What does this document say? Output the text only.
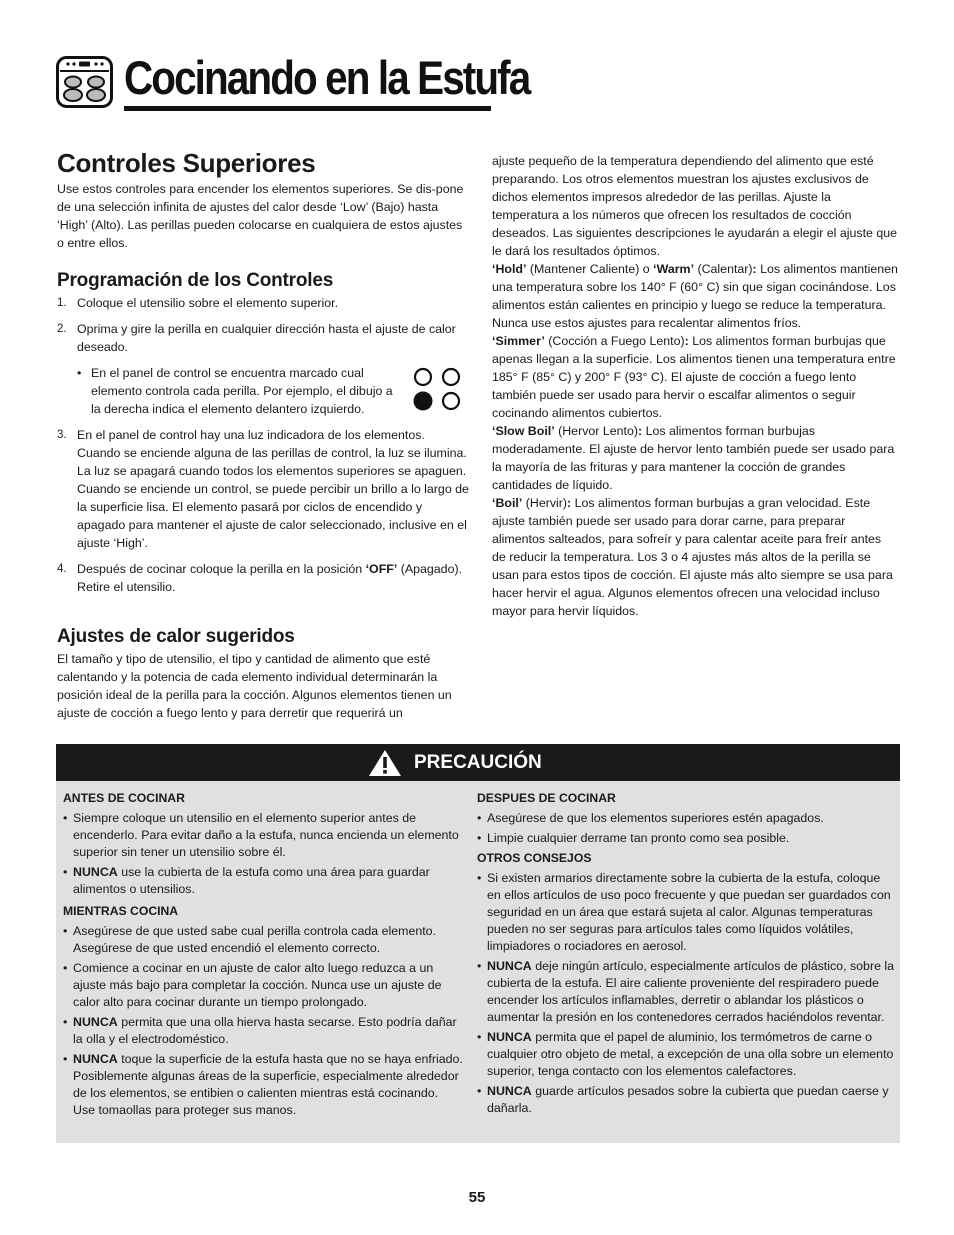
Cocinando en la Estufa
Controles Superiores

Use estos controles para encender los elementos superiores. Se dis-pone de una selección infinita de ajustes del calor desde ‘Low’ (Bajo) hasta ‘High’ (Alto). Las perillas pueden colocarse en cualquiera de estos ajustes o entre ellos.

Programación de los Controles
1. Coloque el utensilio sobre el elemento superior.
2. Oprima y gire la perilla en cualquier dirección hasta el ajuste de calor deseado.
• En el panel de control se encuentra marcado cual elemento controla cada perilla. Por ejemplo, el dibujo a la derecha indica el elemento delantero izquierdo.
3. En el panel de control hay una luz indicadora de los elementos. Cuando se enciende alguna de las perillas de control, la luz se ilumina. La luz se apagará cuando todos los elementos superiores se apaguen. Cuando se enciende un control, se puede percibir un brillo a lo largo de la superficie lisa. El elemento pasará por ciclos de encendido y apagado para mantener el ajuste de calor seleccionado, inclusive en el ajuste ‘High’.
4. Después de cocinar coloque la perilla en la posición ‘OFF’ (Apagado). Retire el utensilio.
Ajustes de calor sugeridos

El tamaño y tipo de utensilio, el tipo y cantidad de alimento que esté calentando y la potencia de cada elemento individual determinarán la posición ideal de la perilla para la cocción. Algunos elementos tienen un ajuste de cocción a fuego lento y para derretir que requerirá un

ajuste pequeño de la temperatura dependiendo del alimento que esté preparando. Los otros elementos muestran los ajustes exclusivos de dichos elementos impresos alrededor de las perillas. Ajuste la temperatura a los números que ofrecen los resultados de cocción deseados. Las siguientes descripciones le ayudarán a elegir el ajuste que le dará los resultados óptimos.

‘Hold’ (Mantener Caliente) o ‘Warm’ (Calentar): Los alimentos mantienen una temperatura sobre los 140° F (60° C) sin que sigan cocinándose. Los alimentos están calientes en principio y luego se reduce la temperatura. Nunca use estos ajustes para recalentar alimentos fríos.

‘Simmer’ (Cocción a Fuego Lento): Los alimentos forman burbujas que apenas llegan a la superficie. Los alimentos tienen una temperatura entre 185° F (85° C) y 200° F (93° C). El ajuste de cocción a fuego lento también puede ser usado para hervir o escalfar alimentos o seguir cocinando alimentos cubiertos.

‘Slow Boil’ (Hervor Lento): Los alimentos forman burbujas moderadamente. El ajuste de hervor lento también puede ser usado para la mayoría de las frituras y para mantener la cocción de grandes cantidades de líquido.

‘Boil’ (Hervir): Los alimentos forman burbujas a gran velocidad. Este ajuste también puede ser usado para dorar carne, para preparar alimentos salteados, para sofreír y para calentar aceite para freír antes de reducir la temperatura. Los 3 o 4 ajustes más altos de la perilla se usan para estos tipos de cocción. El ajuste más alto siempre se usa para hacer hervir el agua. Algunos elementos ofrecen una velocidad incluso mayor para hervir líquidos.

PRECAUCIÓN
ANTES DE COCINAR
• Siempre coloque un utensilio en el elemento superior antes de encenderlo. Para evitar daño a la estufa, nunca encienda un elemento superior sin tener un utensilio sobre él.
• NUNCA use la cubierta de la estufa como una área para guardar alimentos o utensilios.
MIENTRAS COCINA
• Asegúrese de que usted sabe cual perilla controla cada elemento. Asegúrese de que usted encendió el elemento correcto.
• Comience a cocinar en un ajuste de calor alto luego reduzca a un ajuste más bajo para completar la cocción. Nunca use un ajuste de calor alto para cocinar durante un tiempo prolongado.
• NUNCA permita que una olla hierva hasta secarse. Esto podría dañar la olla y el electrodoméstico.
• NUNCA toque la superficie de la estufa hasta que no se haya enfriado. Posiblemente algunas áreas de la superficie, especialmente alrededor de los elementos, se entibien o calienten mientras está cocinando. Use tomaollas para proteger sus manos.
DESPUES DE COCINAR
• Asegúrese de que los elementos superiores estén apagados.
• Limpie cualquier derrame tan pronto como sea posible.
OTROS CONSEJOS
• Si existen armarios directamente sobre la cubierta de la estufa, coloque en ellos artículos de uso poco frecuente y que puedan ser guardados con seguridad en un área que estará sujeta al calor. Algunas temperaturas pueden no ser seguras para artículos tales como líquidos volátiles, limpiadores o rociadores en aerosol.
• NUNCA deje ningún artículo, especialmente artículos de plástico, sobre la cubierta de la estufa. El aire caliente proveniente del respiradero puede encender los artículos inflamables, derretir o ablandar los plásticos o aumentar la presión en los contenedores cerrados haciéndolos reventar.
• NUNCA permita que el papel de aluminio, los termómetros de carne o cualquier otro objeto de metal, a excepción de una olla sobre un elemento superior, tenga contacto con los elementos calefactores.
• NUNCA guarde artículos pesados sobre la cubierta que puedan caerse y dañarla.
55
